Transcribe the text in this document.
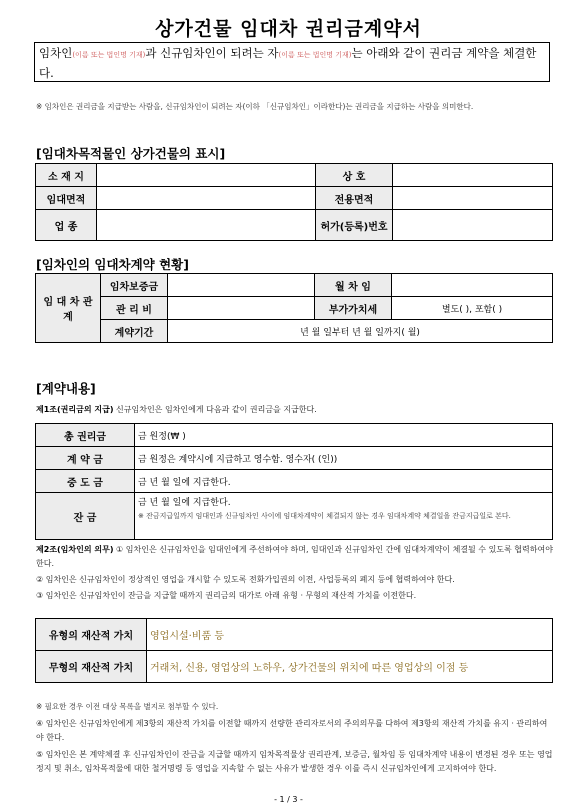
상가건물 임대차 권리금계약서
임차인(이름 또는 법인명 기재)과 신규임차인이 되려는 자(이름 또는 법인명 기재)는 아래와 같이 권리금 계약을 체결한다.
※ 임차인은 권리금을 지급받는 사람을, 신규임차인이 되려는 자(이하 「신규임차인」이라한다)는 권리금을 지급하는 사람을 의미한다.
[임대차목적물인 상가건물의 표시]
소 재 지		상 호	
임대면적		전용면적	
업 종		허가(등록)번호	
[임차인의 임대차계약 현황]
임 대 차 관 계	임차보증금		월 차 임	
	관 리 비		부가가치세	별도( ), 포함( )
	계약기간	년 월 일부터 년 월 일까지( 월)		
[계약내용]
제1조(권리금의 지급) 신규임차인은 임차인에게 다음과 같이 권리금을 지급한다.
총 권리금	금 원정(₩ )
계 약 금	금 원정은 계약시에 지급하고 영수함. 영수자( (인))
중 도 금	금 년 월 일에 지급한다.
잔 금	금 년 월 일에 지급한다.
※ 잔금지급일까지 임대인과 신규임차인 사이에 임대차계약이 체결되지 않는 경우 임대차계약 체결일을 잔금지급일로 본다.
제2조(임차인의 의무) ① 임차인은 신규임차인을 임대인에게 주선하여야 하며, 임대인과 신규임차인 간에 임대차계약이 체결될 수 있도록 협력하여야 한다.
② 임차인은 신규임차인이 정상적인 영업을 개시할 수 있도록 전화가입권의 이전, 사업등록의 폐지 등에 협력하여야 한다.
③ 임차인은 신규임차인이 잔금을 지급할 때까지 권리금의 대가로 아래 유형 · 무형의 재산적 가치를 이전한다.
유형의 재산적 가치	영업시설·비품 등
무형의 재산적 가치	거래처, 신용, 영업상의 노하우, 상가건물의 위치에 따른 영업상의 이점 등
※ 필요한 경우 이전 대상 목록을 별지로 첨부할 수 있다.
④ 임차인은 신규임차인에게 제3항의 재산적 가치를 이전할 때까지 선량한 관리자로서의 주의의무를 다하여 제3항의 재산적 가치를 유지 · 관리하여야 한다.
⑤ 임차인은 본 계약체결 후 신규임차인이 잔금을 지급할 때까지 임차목적물상 권리관계, 보증금, 월차임 등 임대차계약 내용이 변경된 경우 또는 영업정지 및 취소, 임차목적물에 대한 철거명령 등 영업을 지속할 수 없는 사유가 발생한 경우 이를 즉시 신규임차인에게 고지하여야 한다.
- 1 / 3 -
